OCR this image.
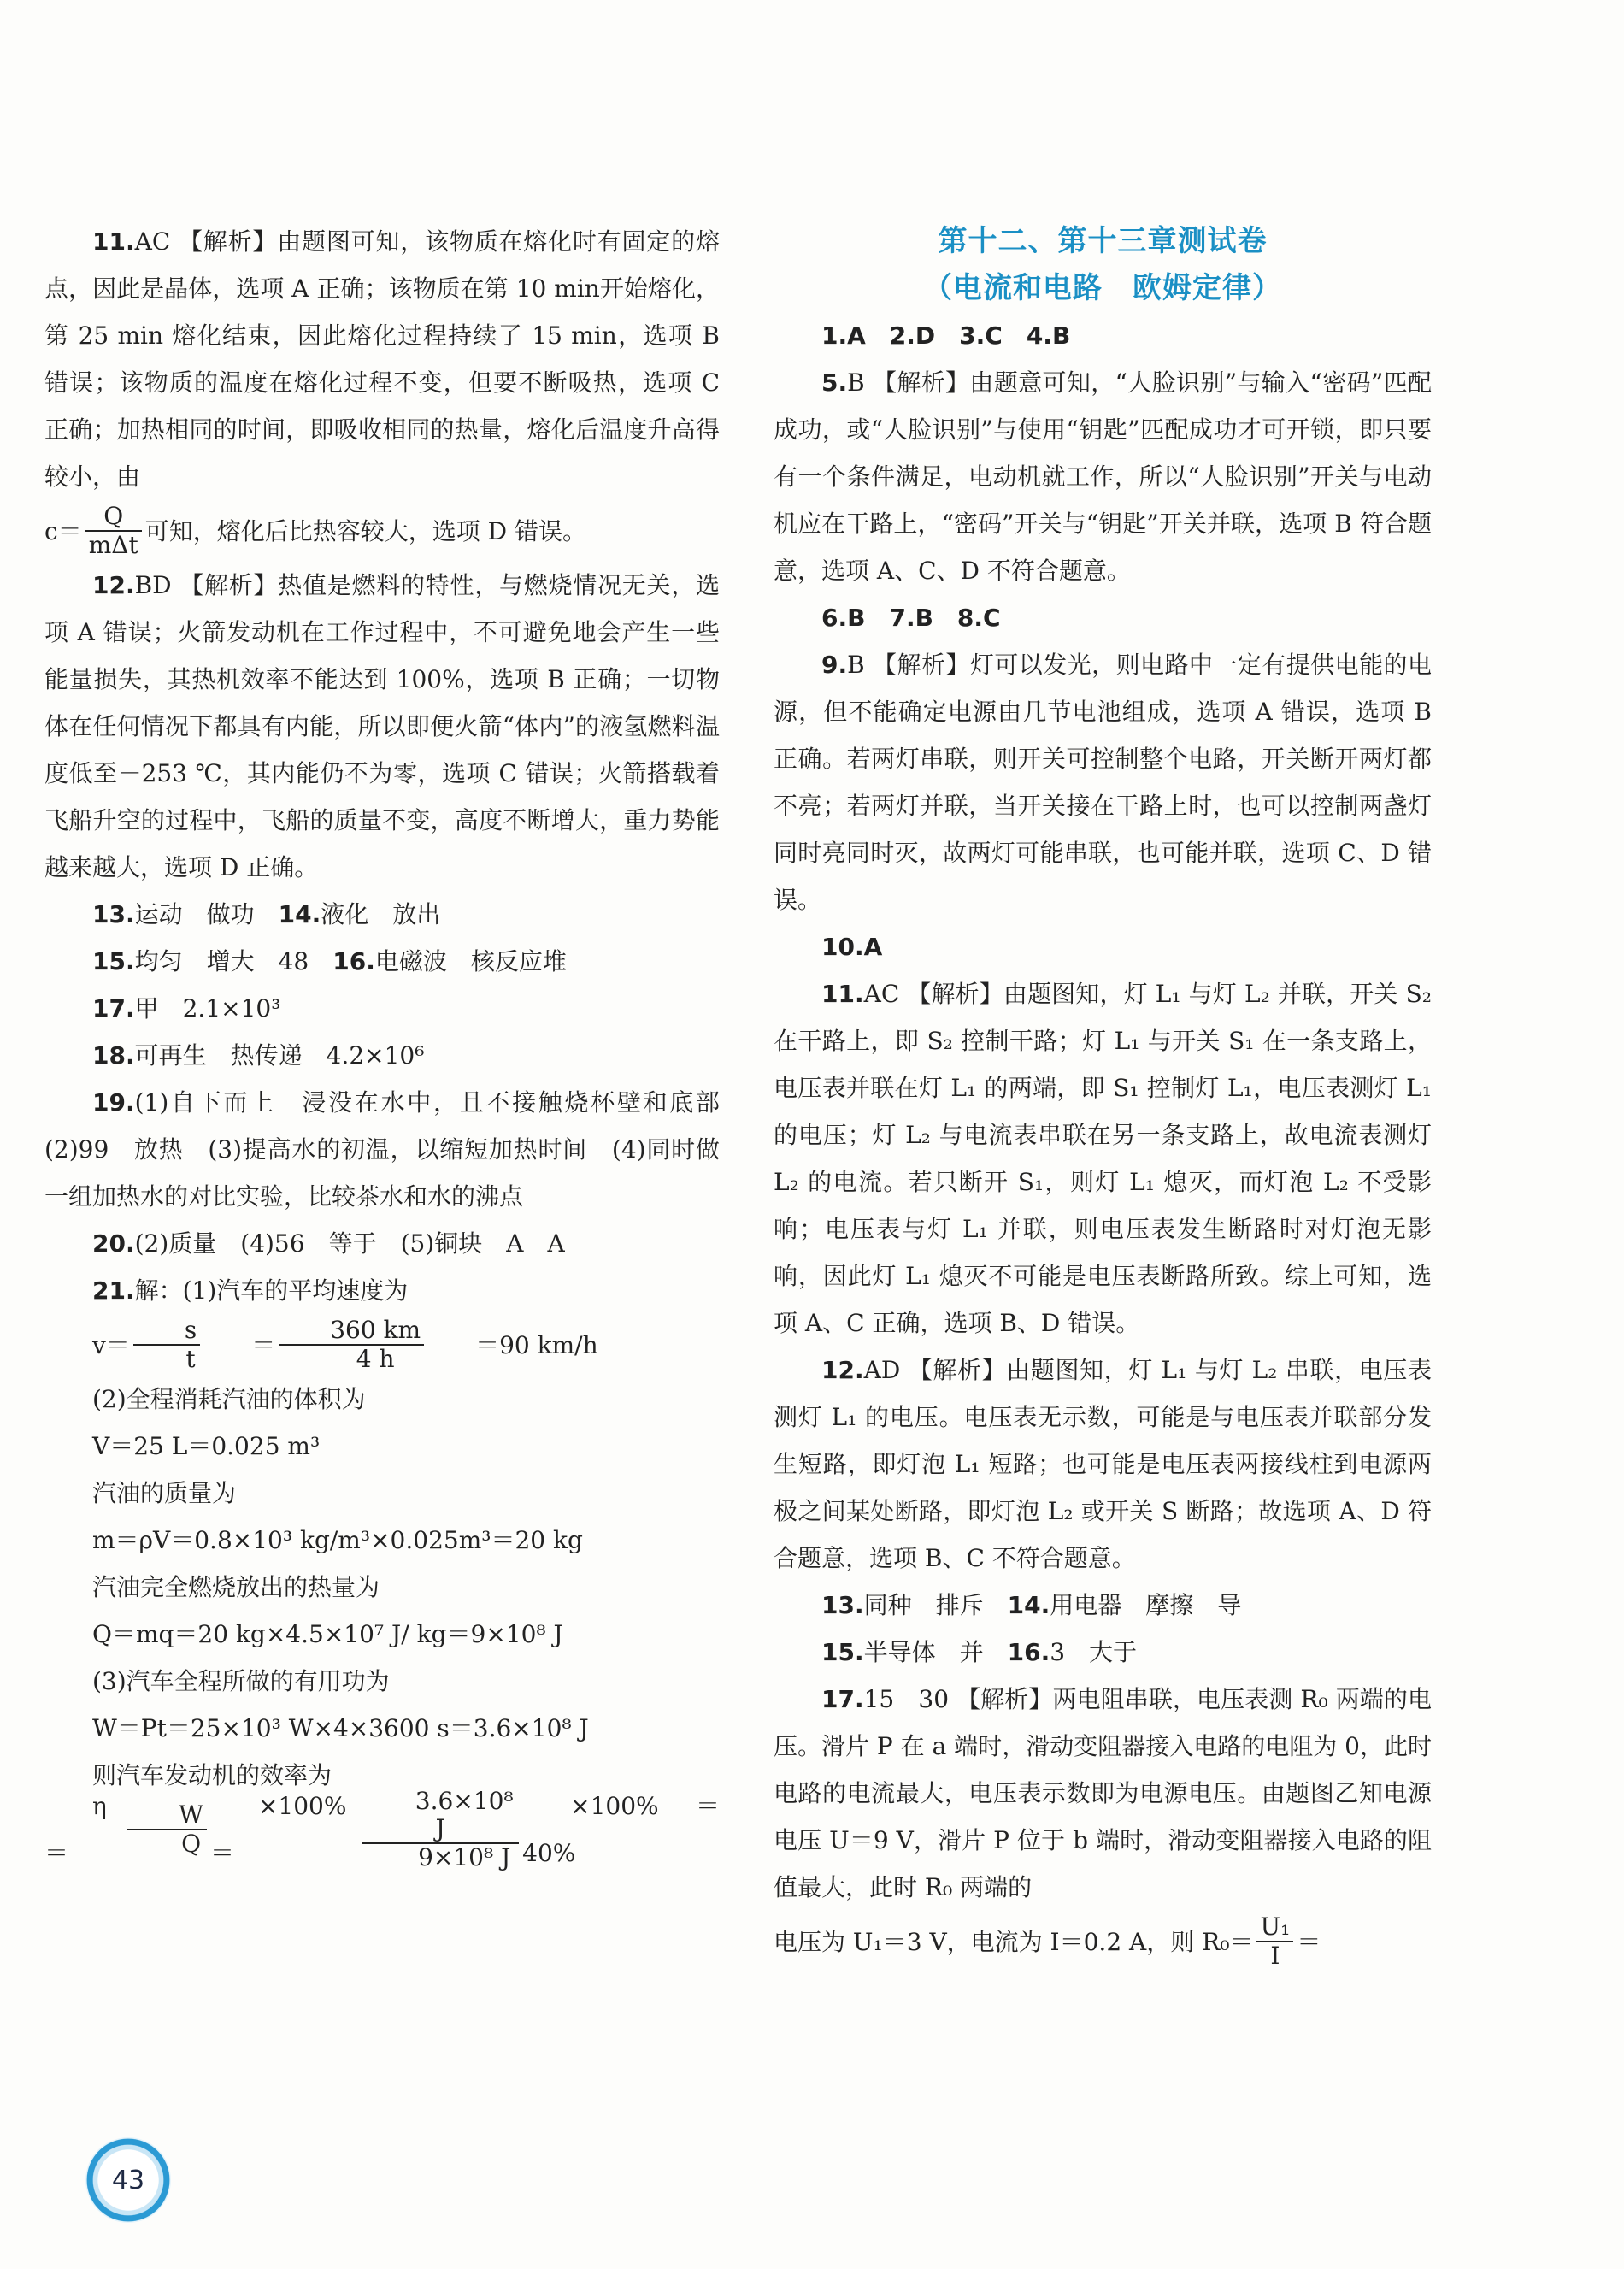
11.AC 【解析】由题图可知，该物质在熔化时有固定的熔点，因此是晶体，选项 A 正确；该物质在第 10 min开始熔化，第 25 min 熔化结束，因此熔化过程持续了 15 min，选项 B 错误；该物质的温度在熔化过程不变，但要不断吸热，选项 C 正确；加热相同的时间，即吸收相同的热量，熔化后温度升高得较小，由

$c= \frac{Q}{\text{mΔt}}$ 可知，熔化后比热容较大，选项 D 错误。

12.BD 【解析】热值是燃料的特性，与燃烧情况无关，选项 A 错误；火箭发动机在工作过程中，不可避免地会产生一些能量损失，其热机效率不能达到 100%，选项 B 正确；一切物体在任何情况下都具有内能，所以即便火箭“体内”的液氢燃料温度低至－253 ℃，其内能仍不为零，选项 C 错误；火箭搭载着飞船升空的过程中，飞船的质量不变，高度不断增大，重力势能越来越大，选项 D 正确。

13.运动　做功　14.液化　放出

15.均匀　增大　48　16.电磁波　核反应堆

17.甲　2.1×10³

18.可再生　热传递　4.2×10⁶

19.(1)自下而上　浸没在水中，且不接触烧杯壁和底部　(2)99　放热　(3)提高水的初温，以缩短加热时间　(4)同时做一组加热水的对比实验，比较茶水和水的沸点

20.(2)质量　(4)56　等于　(5)铜块　A　A

21.解：(1)汽车的平均速度为

$v= \frac{s}{t}$	＝ $\frac{360 km}{4 h}$	＝90 km/h

(2)全程消耗汽油的体积为

V＝25 L＝0.025 m³

汽油的质量为

m＝ρV＝0.8×10³ kg/m³×0.025m³＝20 kg

汽油完全燃烧放出的热量为

Q＝mq＝20 kg×4.5×10⁷ J/ kg＝9×10⁸ J

(3)汽车全程所做的有用功为

W＝Pt＝25×10³ W×4×3600 s＝3.6×10⁸ J

则汽车发动机的效率为

η＝	$\frac{W}{Q}$	×100%＝	$\frac{\text{3.6×10⁸ J}}{\text{9×10⁸ J}}$	×100%＝40%

第十二、第十三章测试卷
（电流和电路　欧姆定律）

1.A　2.D　3.C　4.B

5.B 【解析】由题意可知，“人脸识别”与输入“密码”匹配成功，或“人脸识别”与使用“钥匙”匹配成功才可开锁，即只要有一个条件满足，电动机就工作，所以“人脸识别”开关与电动机应在干路上，“密码”开关与“钥匙”开关并联，选项 B 符合题意，选项 A、C、D 不符合题意。

6.B　7.B　8.C

9.B 【解析】灯可以发光，则电路中一定有提供电能的电源，但不能确定电源由几节电池组成，选项 A 错误，选项 B 正确。若两灯串联，则开关可控制整个电路，开关断开两灯都不亮；若两灯并联，当开关接在干路上时，也可以控制两盏灯同时亮同时灭，故两灯可能串联，也可能并联，选项 C、D 错误。

10.A

11.AC 【解析】由题图知，灯 L₁ 与灯 L₂ 并联，开关 S₂ 在干路上，即 S₂ 控制干路；灯 L₁ 与开关 S₁ 在一条支路上，电压表并联在灯 L₁ 的两端，即 S₁ 控制灯 L₁，电压表测灯 L₁ 的电压；灯 L₂ 与电流表串联在另一条支路上，故电流表测灯 L₂ 的电流。若只断开 S₁，则灯 L₁ 熄灭，而灯泡 L₂ 不受影响；电压表与灯 L₁ 并联，则电压表发生断路时对灯泡无影响，因此灯 L₁ 熄灭不可能是电压表断路所致。综上可知，选项 A、C 正确，选项 B、D 错误。

12.AD 【解析】由题图知，灯 L₁ 与灯 L₂ 串联，电压表测灯 L₁ 的电压。电压表无示数，可能是与电压表并联部分发生短路，即灯泡 L₁ 短路；也可能是电压表两接线柱到电源两极之间某处断路，即灯泡 L₂ 或开关 S 断路；故选项 A、D 符合题意，选项 B、C 不符合题意。

13.同种　排斥　14.用电器　摩擦　导

15.半导体　并　16.3　大于

17.15　30 【解析】两电阻串联，电压表测 R₀ 两端的电压。滑片 P 在 a 端时，滑动变阻器接入电路的电阻为 0，此时电路的电流最大，电压表示数即为电源电压。由题图乙知电源电压 U＝9 V，滑片 P 位于 b 端时，滑动变阻器接入电路的阻值最大，此时 R₀ 两端的

电压为 U₁＝3 V，电流为 I＝0.2 A，则 $R_0= \frac{\text{U₁}}{I}$ ＝

43
